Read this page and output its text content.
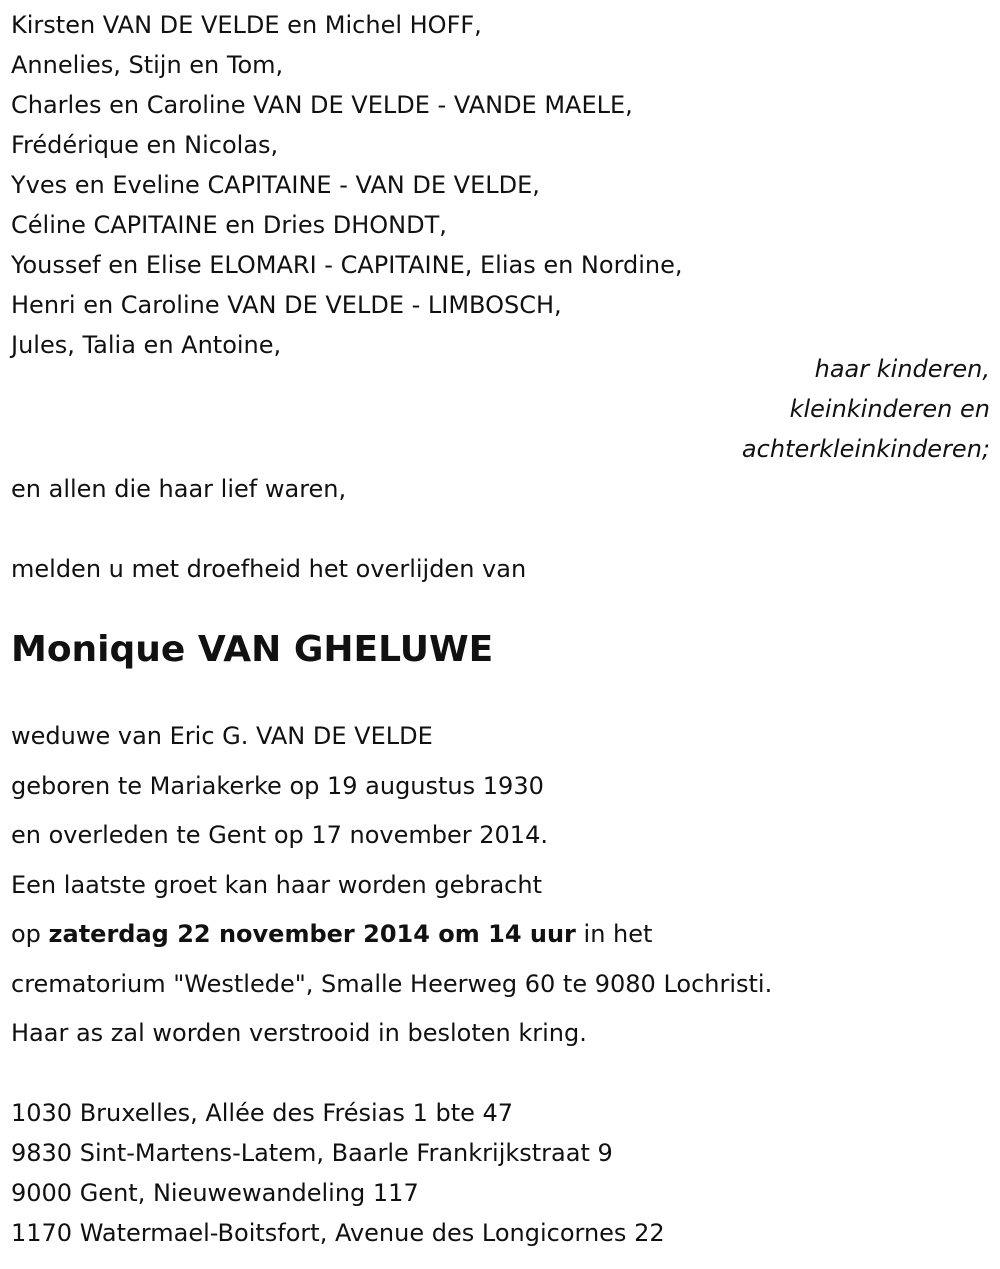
Kirsten VAN DE VELDE en Michel HOFF,
Annelies, Stijn en Tom,
Charles en Caroline VAN DE VELDE - VANDE MAELE,
Frédérique en Nicolas,
Yves en Eveline CAPITAINE - VAN DE VELDE,
Céline CAPITAINE en Dries DHONDT,
Youssef en Elise ELOMARI - CAPITAINE, Elias en Nordine,
Henri en Caroline VAN DE VELDE - LIMBOSCH,
Jules, Talia en Antoine,
haar kinderen,
kleinkinderen en
achterkleinkinderen;
en allen die haar lief waren,
melden u met droefheid het overlijden van
Monique VAN GHELUWE
weduwe van Eric G. VAN DE VELDE
geboren te Mariakerke op 19 augustus 1930
en overleden te Gent op 17 november 2014.
Een laatste groet kan haar worden gebracht
op zaterdag 22 november 2014 om 14 uur in het
crematorium "Westlede", Smalle Heerweg 60 te 9080 Lochristi.
Haar as zal worden verstrooid in besloten kring.
1030 Bruxelles, Allée des Frésias 1 bte 47
9830 Sint-Martens-Latem, Baarle Frankrijkstraat 9
9000 Gent, Nieuwewandeling 117
1170 Watermael-Boitsfort, Avenue des Longicornes 22
